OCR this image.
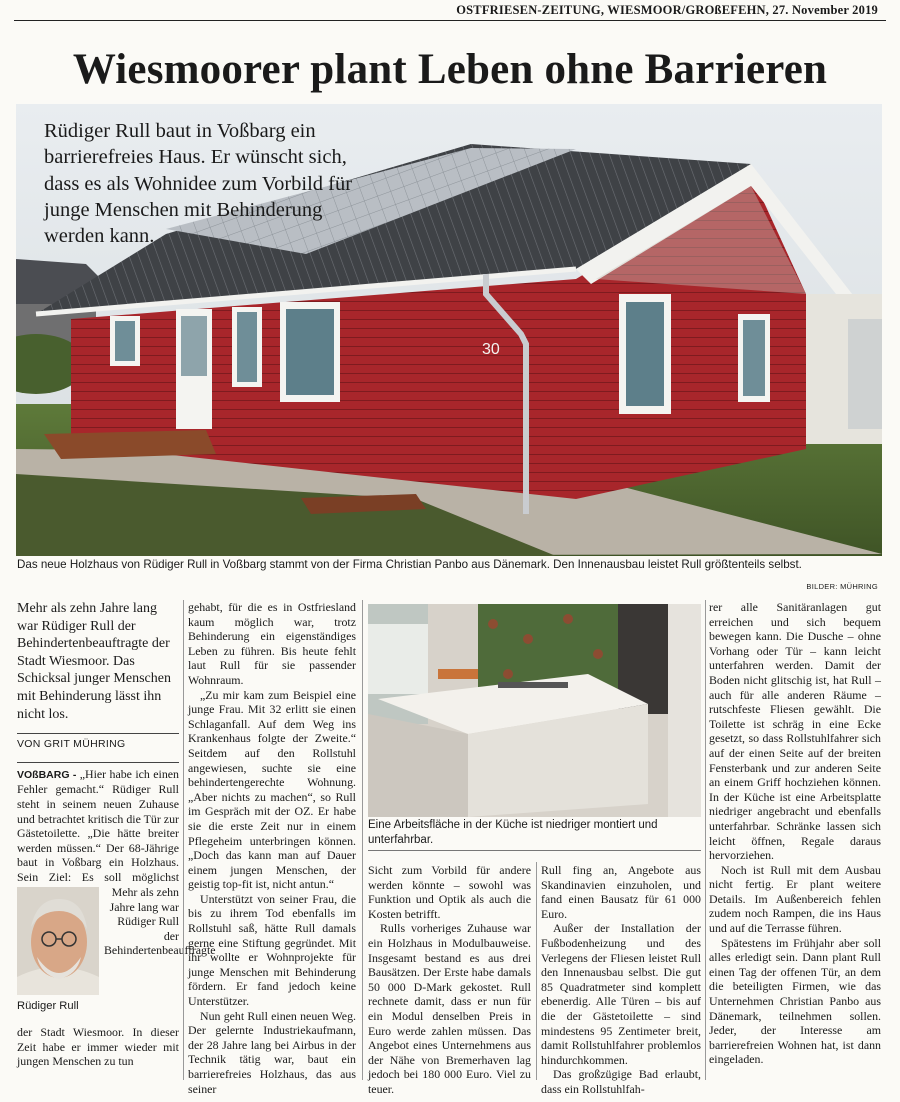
OSTFRIESEN-ZEITUNG, WIESMOOR/GROßEFEHN, 27. November 2019
Wiesmoorer plant Leben ohne Barrieren
30
Rüdiger Rull baut in Voßbarg ein barrierefreies Haus. Er wünscht sich, dass es als Wohnidee zum Vorbild für junge Menschen mit Behinderung werden kann.
Das neue Holzhaus von Rüdiger Rull in Voßbarg stammt von der Firma Christian Panbo aus Dänemark. Den Innenausbau leistet Rull größtenteils selbst.
BILDER: MÜHRING

Mehr als zehn Jahre lang war Rüdiger Rull der Behindertenbeauftragte der Stadt Wiesmoor. Das Schicksal junger Menschen mit Behinderung lässt ihn nicht los.

VON GRIT MÜHRING

VOßBARG - „Hier habe ich einen Fehler gemacht.“ Rüdiger Rull steht in seinem neuen Zuhause und betrachtet kritisch die Tür zur Gästetoilette. „Die hätte breiter werden müssen.“ Der 68-Jährige baut in Voßbarg ein Holzhaus. Sein Ziel: Es soll möglichst

Mehr als zehn Jahre lang war Rüdiger Rull der Behindertenbeauftragte
Rüdiger Rull
der Stadt Wiesmoor. In dieser Zeit habe er immer wieder mit jungen Menschen zu tun

gehabt, für die es in Ostfriesland kaum möglich war, trotz Behinderung ein eigenständiges Leben zu führen. Bis heute fehlt laut Rull für sie passender Wohnraum.

„Zu mir kam zum Beispiel eine junge Frau. Mit 32 erlitt sie einen Schlaganfall. Auf dem Weg ins Krankenhaus folgte der Zweite.“ Seitdem auf den Rollstuhl angewiesen, suchte sie eine behindertengerechte Wohnung. „Aber nichts zu machen“, so Rull im Gespräch mit der OZ. Er habe sie die erste Zeit nur in einem Pflegeheim unterbringen können. „Doch das kann man auf Dauer einem jungen Menschen, der geistig top-fit ist, nicht antun.“

Unterstützt von seiner Frau, die bis zu ihrem Tod ebenfalls im Rollstuhl saß, hätte Rull damals gerne eine Stiftung gegründet. Mit ihr wollte er Wohnprojekte für junge Menschen mit Behinderung fördern. Er fand jedoch keine Unterstützer.

Nun geht Rull einen neuen Weg. Der gelernte Industriekaufmann, der 28 Jahre lang bei Airbus in der Technik tätig war, baut ein barrierefreies Holzhaus, das aus seiner

Eine Arbeitsfläche in der Küche ist niedriger montiert und unterfahrbar.

Sicht zum Vorbild für andere werden könnte – sowohl was Funktion und Optik als auch die Kosten betrifft.

Rulls vorheriges Zuhause war ein Holzhaus in Modulbauweise. Insgesamt bestand es aus drei Bausätzen. Der Erste habe damals 50 000 D-Mark gekostet. Rull rechnete damit, dass er nun für ein Modul denselben Preis in Euro werde zahlen müssen. Das Angebot eines Unternehmens aus der Nähe von Bremerhaven lag jedoch bei 180 000 Euro. Viel zu teuer.

Rull fing an, Angebote aus Skandinavien einzuholen, und fand einen Bausatz für 61 000 Euro.

Außer der Installation der Fußbodenheizung und des Verlegens der Fliesen leistet Rull den Innenausbau selbst. Die gut 85 Quadratmeter sind komplett ebenerdig. Alle Türen – bis auf die der Gästetoilette – sind mindestens 95 Zentimeter breit, damit Rollstuhlfahrer problemlos hindurchkommen.

Das großzügige Bad erlaubt, dass ein Rollstuhlfah-

rer alle Sanitäranlagen gut erreichen und sich bequem bewegen kann. Die Dusche – ohne Vorhang oder Tür – kann leicht unterfahren werden. Damit der Boden nicht glitschig ist, hat Rull – auch für alle anderen Räume – rutschfeste Fliesen gewählt. Die Toilette ist schräg in eine Ecke gesetzt, so dass Rollstuhlfahrer sich auf der einen Seite auf der breiten Fensterbank und zur anderen Seite an einem Griff hochziehen können. In der Küche ist eine Arbeitsplatte niedriger angebracht und ebenfalls unterfahrbar. Schränke lassen sich leicht öffnen, Regale daraus hervorziehen.

Noch ist Rull mit dem Ausbau nicht fertig. Er plant weitere Details. Im Außenbereich fehlen zudem noch Rampen, die ins Haus und auf die Terrasse führen.

Spätestens im Frühjahr aber soll alles erledigt sein. Dann plant Rull einen Tag der offenen Tür, an dem die beteiligten Firmen, wie das Unternehmen Christian Panbo aus Dänemark, teilnehmen sollen. Jeder, der Interesse am barrierefreien Wohnen hat, ist dann eingeladen.
